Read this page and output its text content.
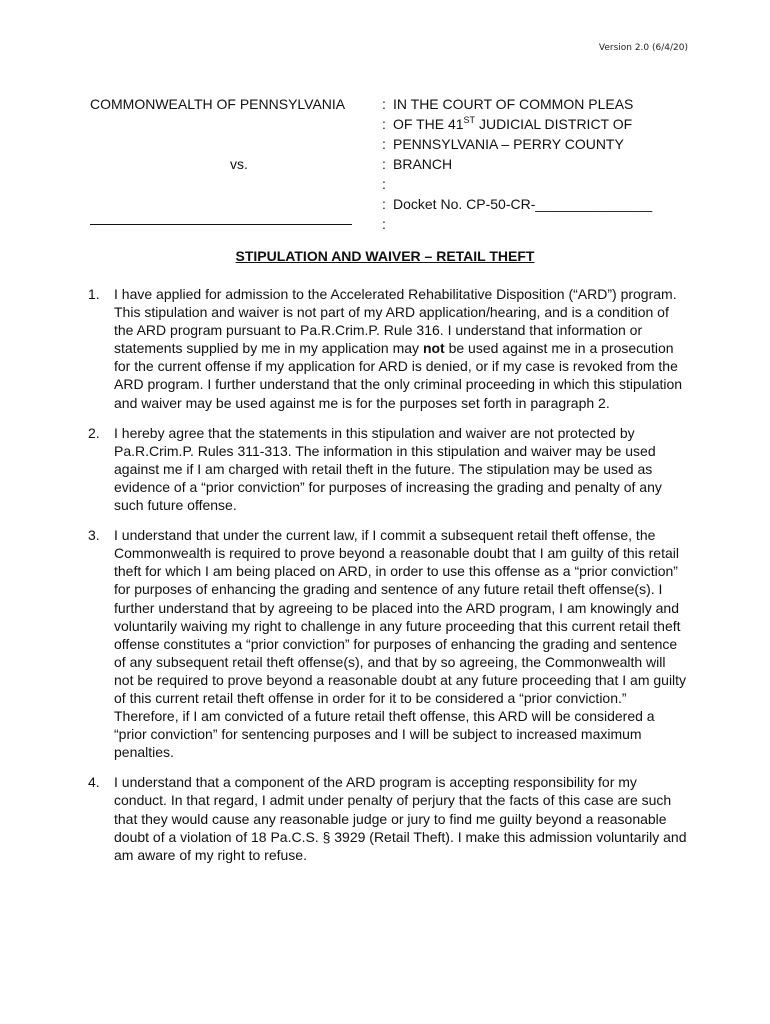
Version 2.0 (6/4/20)
COMMONWEALTH OF PENNSYLVANIA
vs.
:
:
:
:
:
:
:
IN THE COURT OF COMMON PLEAS
OF THE 41ST JUDICIAL DISTRICT OF
PENNSYLVANIA – PERRY COUNTY
BRANCH
Docket No. CP-50-CR-_______________
STIPULATION AND WAIVER – RETAIL THEFT
1. I have applied for admission to the Accelerated Rehabilitative Disposition (“ARD”) program. This stipulation and waiver is not part of my ARD application/hearing, and is a condition of the ARD program pursuant to Pa.R.Crim.P. Rule 316. I understand that information or statements supplied by me in my application may not be used against me in a prosecution for the current offense if my application for ARD is denied, or if my case is revoked from the ARD program. I further understand that the only criminal proceeding in which this stipulation and waiver may be used against me is for the purposes set forth in paragraph 2.
2. I hereby agree that the statements in this stipulation and waiver are not protected by Pa.R.Crim.P. Rules 311-313. The information in this stipulation and waiver may be used against me if I am charged with retail theft in the future. The stipulation may be used as evidence of a “prior conviction” for purposes of increasing the grading and penalty of any such future offense.
3. I understand that under the current law, if I commit a subsequent retail theft offense, the Commonwealth is required to prove beyond a reasonable doubt that I am guilty of this retail theft for which I am being placed on ARD, in order to use this offense as a “prior conviction” for purposes of enhancing the grading and sentence of any future retail theft offense(s). I further understand that by agreeing to be placed into the ARD program, I am knowingly and voluntarily waiving my right to challenge in any future proceeding that this current retail theft offense constitutes a “prior conviction” for purposes of enhancing the grading and sentence of any subsequent retail theft offense(s), and that by so agreeing, the Commonwealth will not be required to prove beyond a reasonable doubt at any future proceeding that I am guilty of this current retail theft offense in order for it to be considered a “prior conviction.” Therefore, if I am convicted of a future retail theft offense, this ARD will be considered a “prior conviction” for sentencing purposes and I will be subject to increased maximum penalties.
4. I understand that a component of the ARD program is accepting responsibility for my conduct. In that regard, I admit under penalty of perjury that the facts of this case are such that they would cause any reasonable judge or jury to find me guilty beyond a reasonable doubt of a violation of 18 Pa.C.S. § 3929 (Retail Theft). I make this admission voluntarily and am aware of my right to refuse.
